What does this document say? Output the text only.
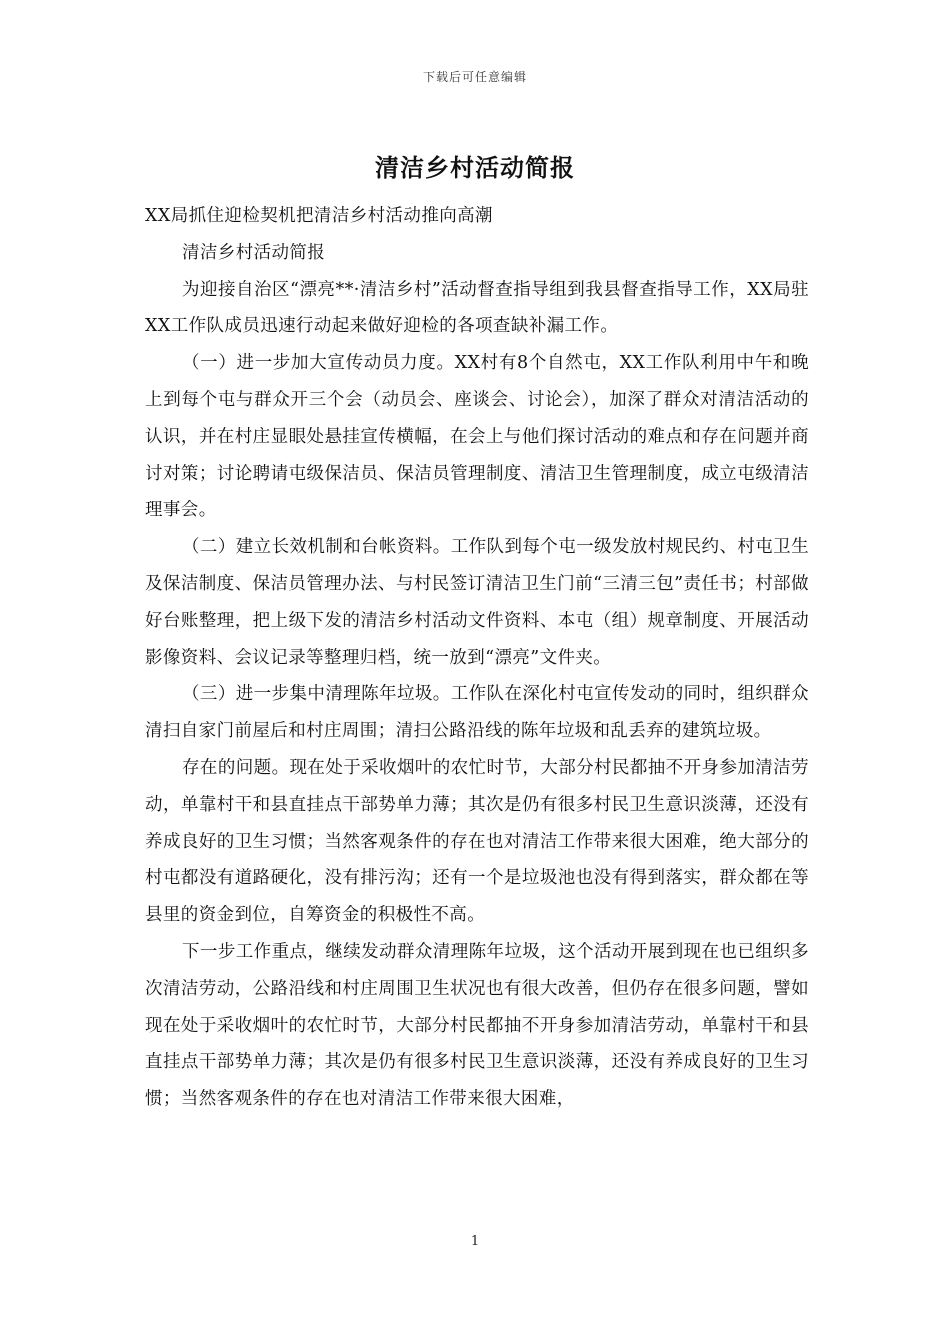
下载后可任意编辑
清洁乡村活动简报

XX局抓住迎检契机把清洁乡村活动推向高潮

清洁乡村活动简报

为迎接自治区“漂亮**·清洁乡村”活动督查指导组到我县督查指导工作，XX局驻XX工作队成员迅速行动起来做好迎检的各项查缺补漏工作。

（一）进一步加大宣传动员力度。XX村有8个自然屯，XX工作队利用中午和晚上到每个屯与群众开三个会（动员会、座谈会、讨论会），加深了群众对清洁活动的认识，并在村庄显眼处悬挂宣传横幅，在会上与他们探讨活动的难点和存在问题并商讨对策；讨论聘请屯级保洁员、保洁员管理制度、清洁卫生管理制度，成立屯级清洁理事会。

（二）建立长效机制和台帐资料。工作队到每个屯一级发放村规民约、村屯卫生及保洁制度、保洁员管理办法、与村民签订清洁卫生门前“三清三包”责任书；村部做好台账整理，把上级下发的清洁乡村活动文件资料、本屯（组）规章制度、开展活动影像资料、会议记录等整理归档，统一放到“漂亮”文件夹。

（三）进一步集中清理陈年垃圾。工作队在深化村屯宣传发动的同时，组织群众清扫自家门前屋后和村庄周围；清扫公路沿线的陈年垃圾和乱丢弃的建筑垃圾。

存在的问题。现在处于采收烟叶的农忙时节，大部分村民都抽不开身参加清洁劳动，单靠村干和县直挂点干部势单力薄；其次是仍有很多村民卫生意识淡薄，还没有养成良好的卫生习惯；当然客观条件的存在也对清洁工作带来很大困难，绝大部分的村屯都没有道路硬化，没有排污沟；还有一个是垃圾池也没有得到落实，群众都在等县里的资金到位，自筹资金的积极性不高。

下一步工作重点，继续发动群众清理陈年垃圾，这个活动开展到现在也已组织多次清洁劳动，公路沿线和村庄周围卫生状况也有很大改善，但仍存在很多问题，譬如现在处于采收烟叶的农忙时节，大部分村民都抽不开身参加清洁劳动，单靠村干和县直挂点干部势单力薄；其次是仍有很多村民卫生意识淡薄，还没有养成良好的卫生习惯；当然客观条件的存在也对清洁工作带来很大困难，

1
